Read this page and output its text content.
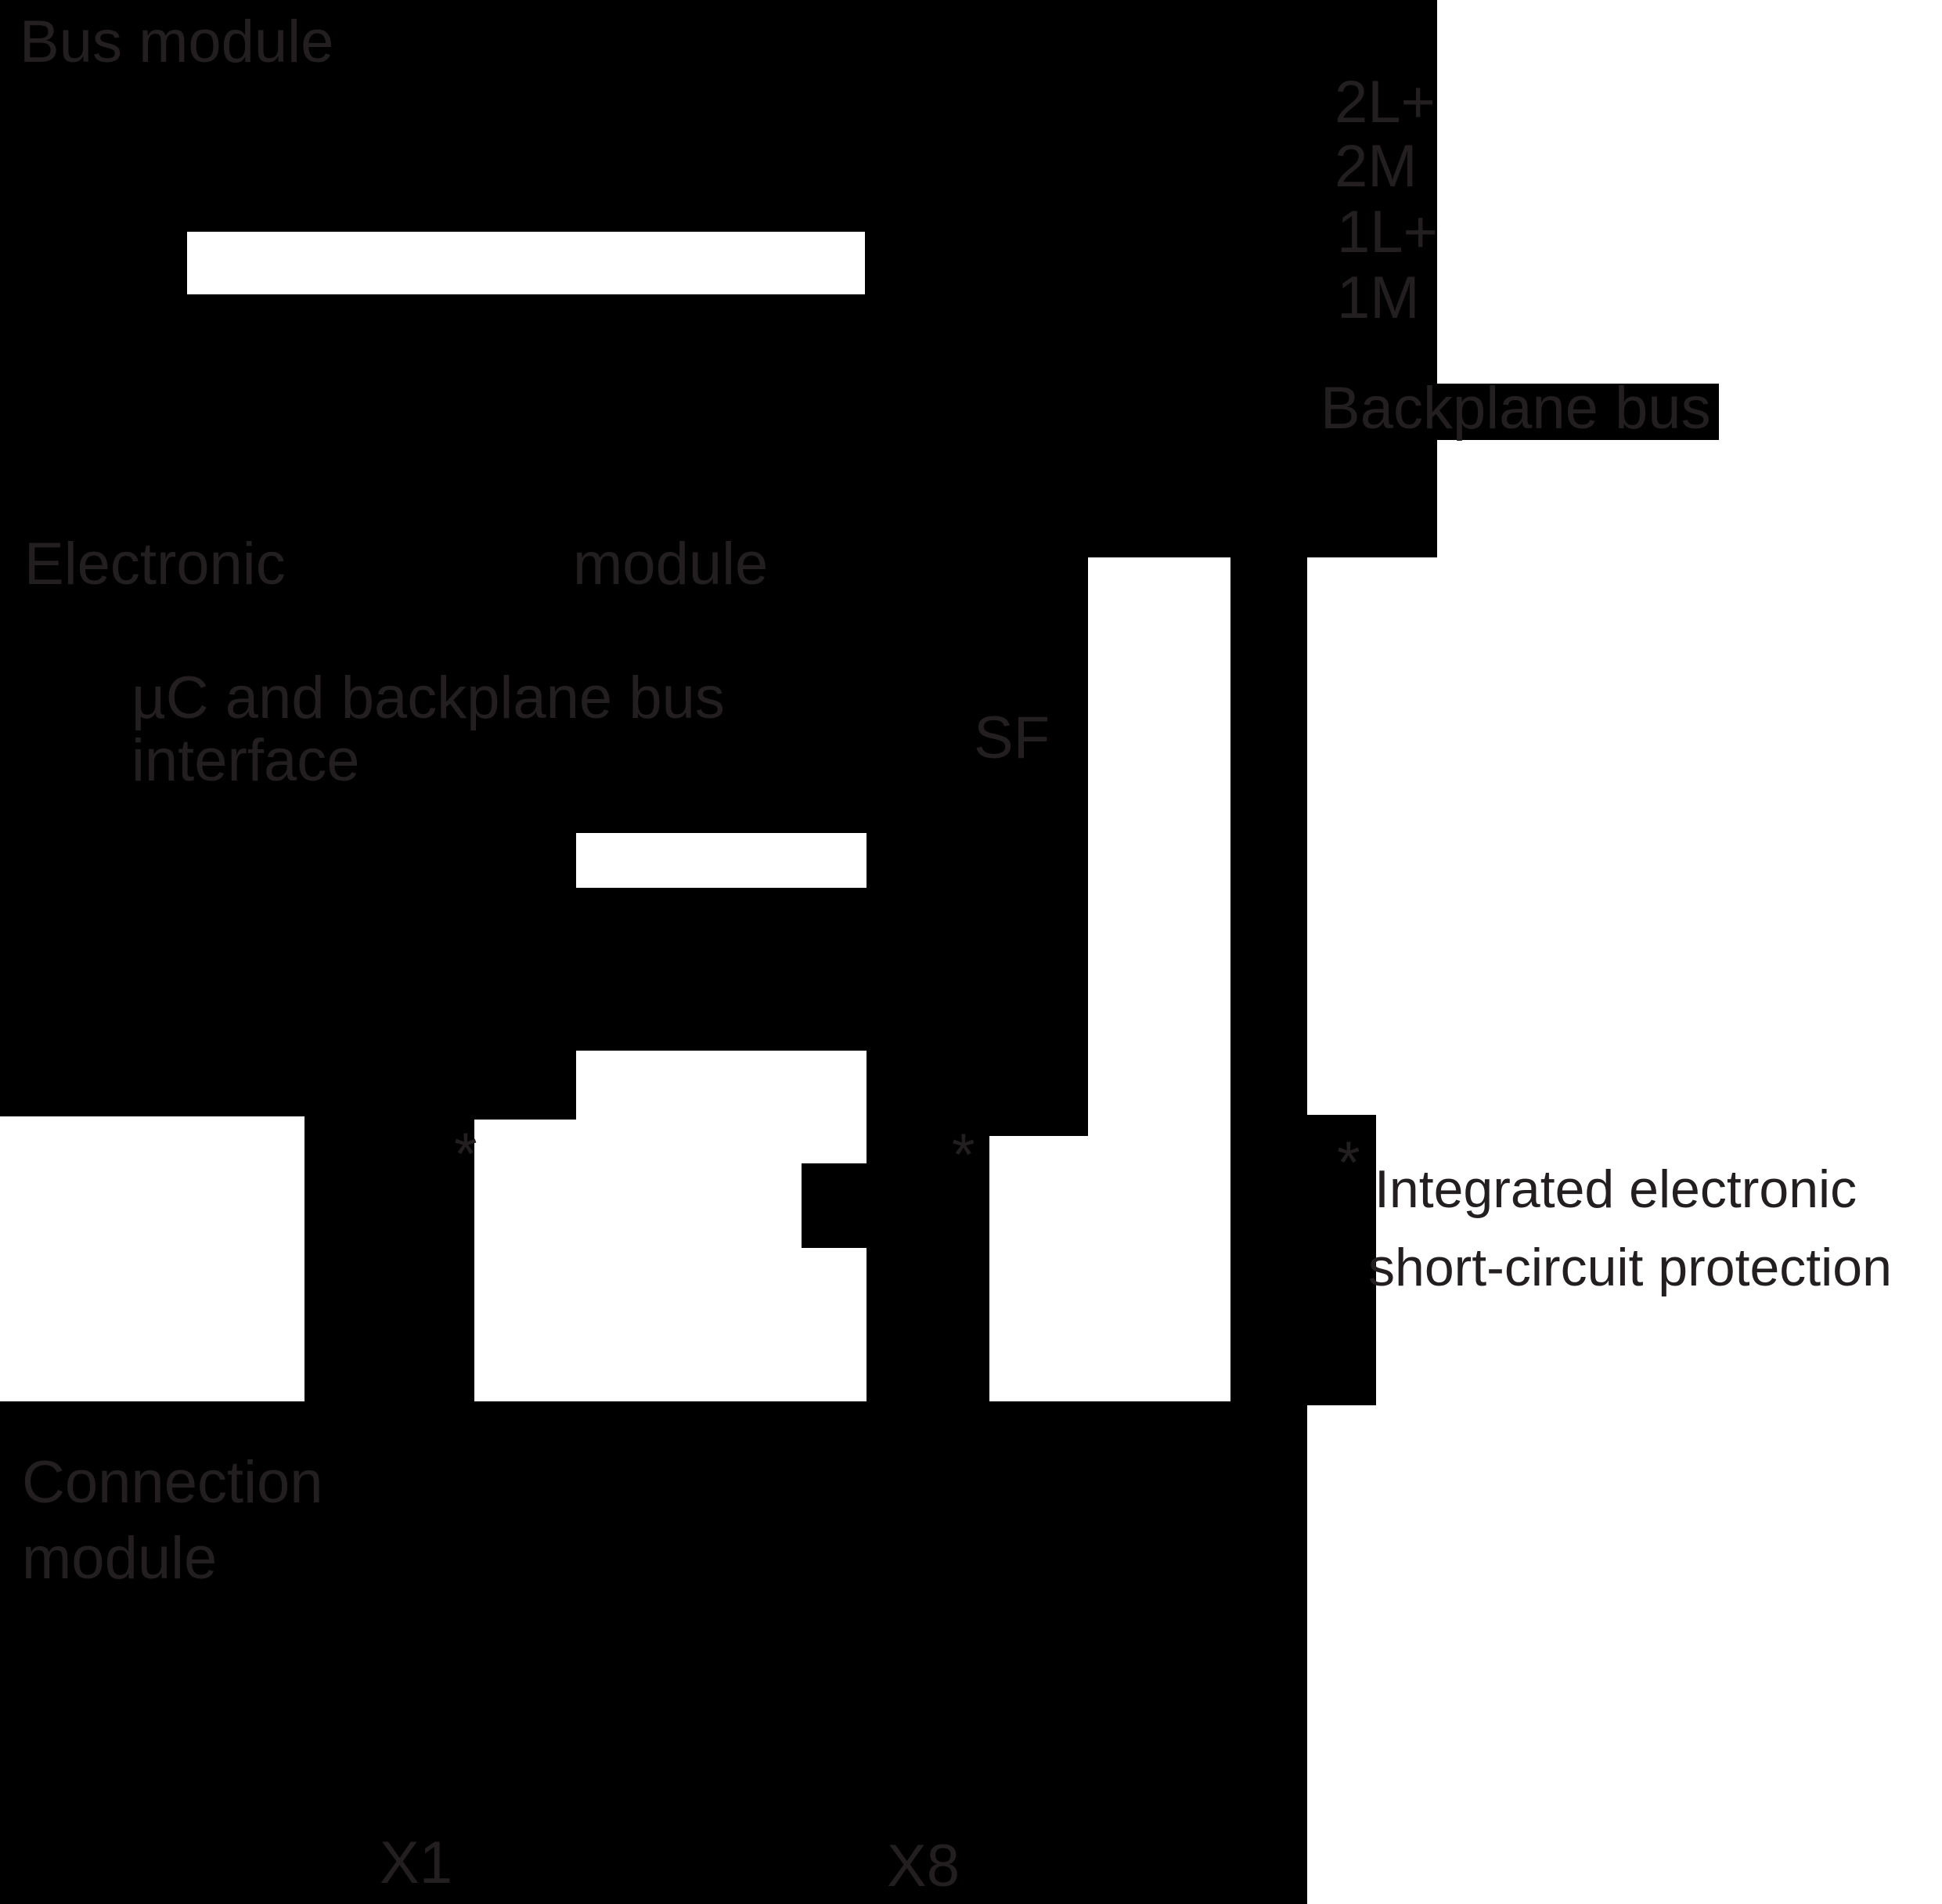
Bus module
2L+
2M
1L+
1M
Backplane bus
Electronic	module
µC and backplane bus
interface	SF
*	*	* Integrated electronic
short-circuit protection
Connection
module
X1	X8
